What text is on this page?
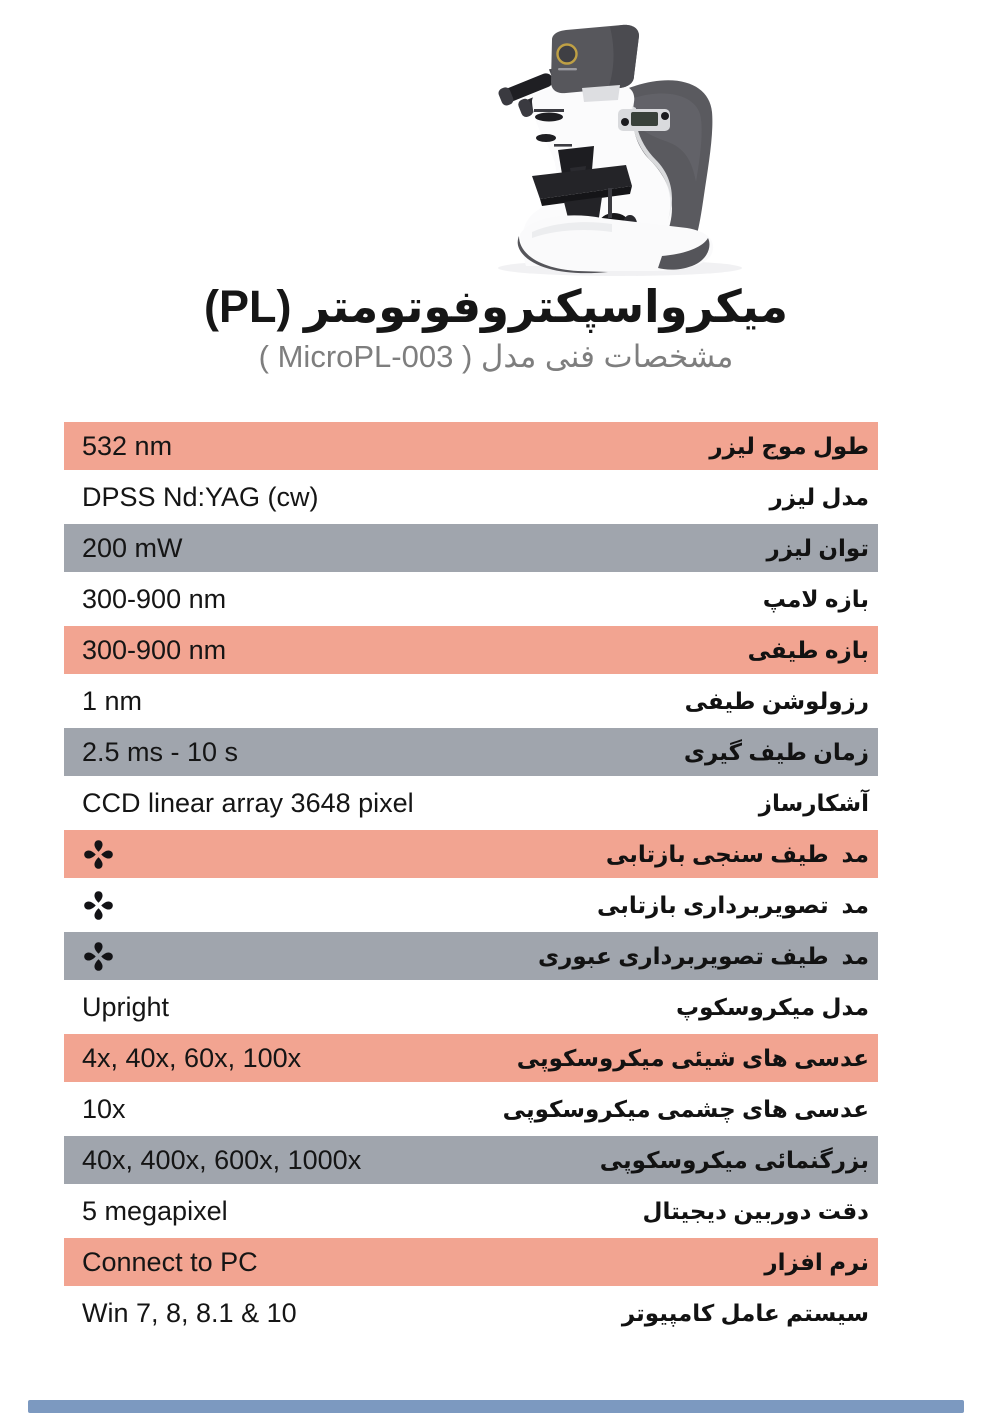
میکرواسپکتروفوتومتر (PL)
مشخصات فنی مدل ( MicroPL-003 )
طول موج لیزر
532 nm
مدل لیزر
DPSS Nd:YAG (cw)
توان لیزر
200 mW
بازه لامپ
300-900 nm
بازه طیفی
300-900 nm
رزولوشن طیفی
1 nm
زمان طیف گیری
2.5 ms - 10 s
آشکارساز
CCD linear array 3648 pixel
مد  طیف سنجی بازتابی
مد  تصویربرداری بازتابی
مد  طیف تصویربرداری عبوری
مدل میکروسکوپ
Upright
عدسی های شیئی میکروسکوپی
4x, 40x, 60x, 100x
عدسی های چشمی میکروسکوپی
10x
بزرگنمائی میکروسکوپی
40x, 400x, 600x, 1000x
دقت دوربین دیجیتال
5 megapixel
نرم افزار
Connect to PC
سیستم عامل کامپیوتر
Win 7, 8, 8.1 & 10
